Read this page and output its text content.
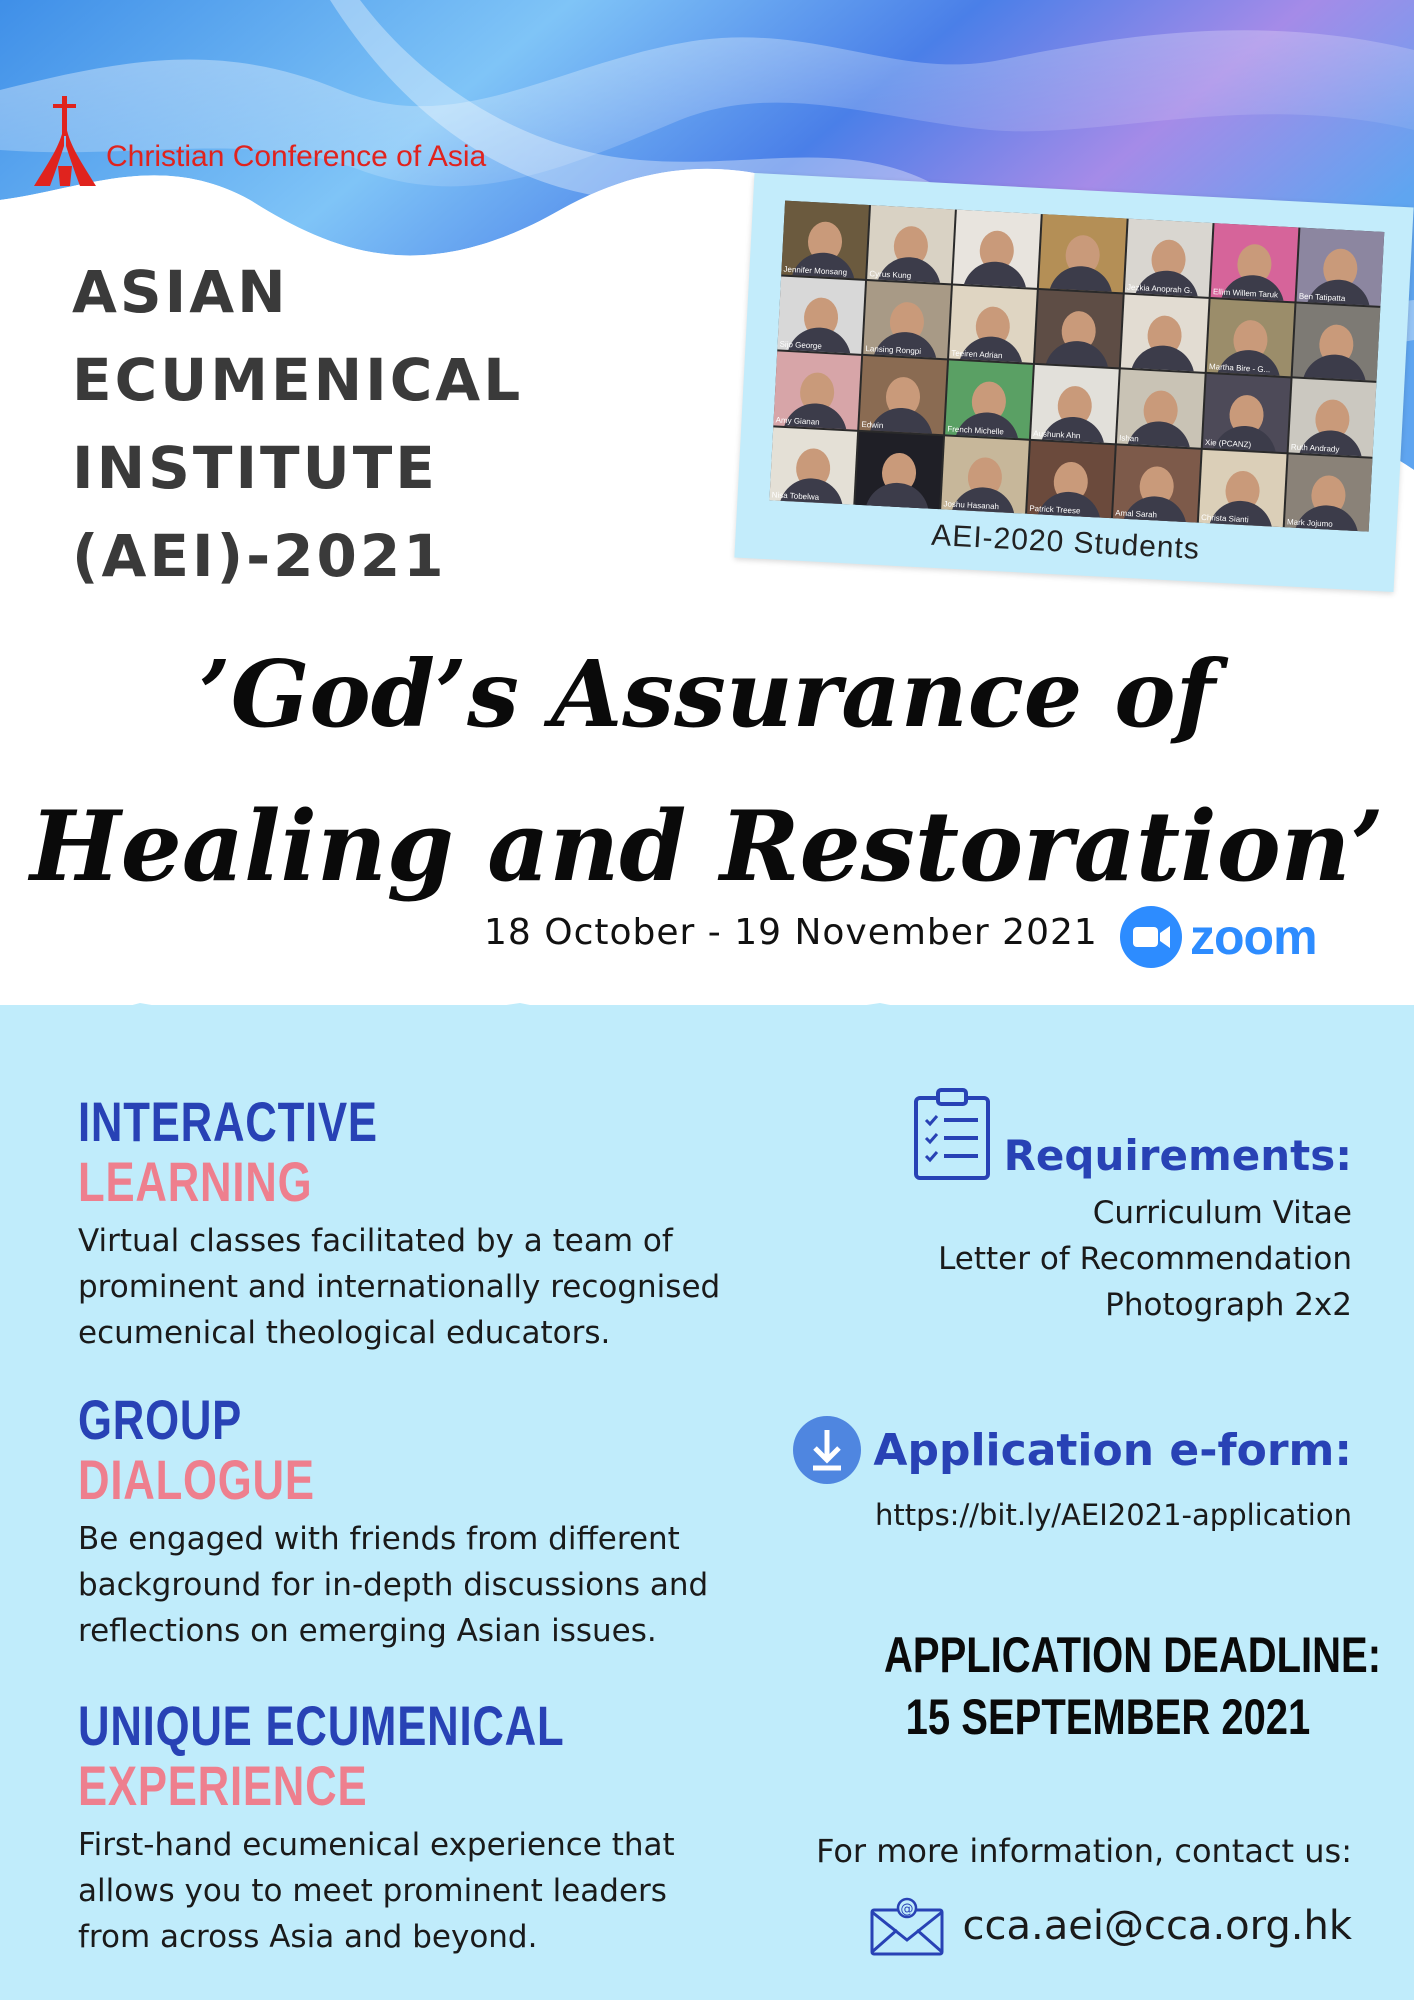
Christian Conference of Asia
ASIAN
ECUMENICAL
INSTITUTE
(AEI)-2021
Jennifer Monsang	Cyrus Kung
Jezkia Anoprah G.	Ellim Willem Taruk	Ben Tatipatta
Sijo George	Lansing Rongpi	Teeiren Adrian
Martha Bire - G...
Amy Gianan	Edwin	French Michelle	Aushunk Ahn	Ishan	Xie (PCANZ)	Ruth Andrady
Nisa Tobelwa
Joshu Hasanah	Patrick Treese	Amal Sarah	Christa Sianti	Mark Jojumo
AEI-2020 Students
’God’s Assurance of
Healing and Restoration’
18 October - 19 November 2021 zoom
INTERACTIVE
LEARNING
Virtual classes facilitated by a team of
prominent and internationally recognised
ecumenical theological educators.
GROUP
DIALOGUE
Be engaged with friends from different
background for in-depth discussions and
reflections on emerging Asian issues.
UNIQUE ECUMENICAL
EXPERIENCE
First-hand ecumenical experience that
allows you to meet prominent leaders
from across Asia and beyond.
Requirements:
Curriculum Vitae
Letter of Recommendation
Photograph 2x2
Application e-form:
https://bit.ly/AEI2021-application
APPLICATION DEADLINE:
15 SEPTEMBER 2021
For more information, contact us:
@ cca.aei@cca.org.hk
